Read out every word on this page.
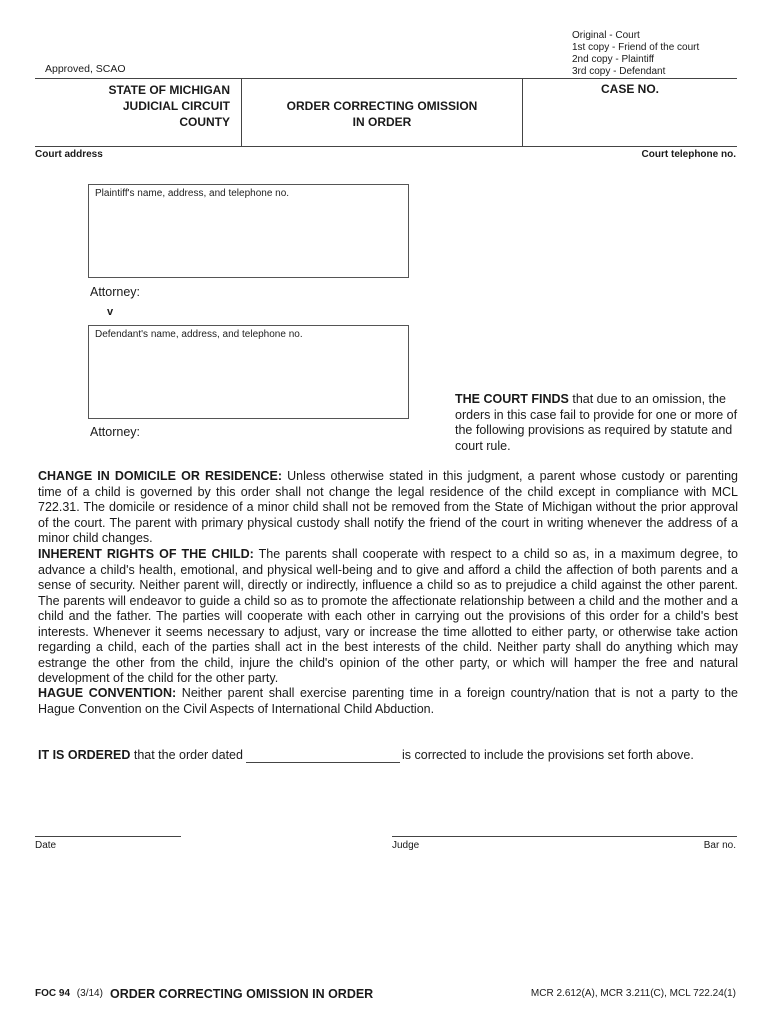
Original - Court
1st copy - Friend of the court
2nd copy - Plaintiff
3rd copy - Defendant
Approved, SCAO
STATE OF MICHIGAN
JUDICIAL CIRCUIT
COUNTY
ORDER CORRECTING OMISSION
IN ORDER
CASE NO.
Court address	Court telephone no.
Plaintiff's name, address, and telephone no.
Attorney:
v
Defendant's name, address, and telephone no.
Attorney:
THE COURT FINDS that due to an omission, the orders in this case fail to provide for one or more of the following provisions as required by statute and court rule.
CHANGE IN DOMICILE OR RESIDENCE: Unless otherwise stated in this judgment, a parent whose custody or parenting time of a child is governed by this order shall not change the legal residence of the child except in compliance with MCL 722.31. The domicile or residence of a minor child shall not be removed from the State of Michigan without the prior approval of the court. The parent with primary physical custody shall notify the friend of the court in writing whenever the address of a minor child changes.
INHERENT RIGHTS OF THE CHILD: The parents shall cooperate with respect to a child so as, in a maximum degree, to advance a child's health, emotional, and physical well-being and to give and afford a child the affection of both parents and a sense of security. Neither parent will, directly or indirectly, influence a child so as to prejudice a child against the other parent. The parents will endeavor to guide a child so as to promote the affectionate relationship between a child and the mother and a child and the father. The parties will cooperate with each other in carrying out the provisions of this order for a child's best interests. Whenever it seems necessary to adjust, vary or increase the time allotted to either party, or otherwise take action regarding a child, each of the parties shall act in the best interests of the child. Neither party shall do anything which may estrange the other from the child, injure the child's opinion of the other party, or which will hamper the free and natural development of the child for the other party.
HAGUE CONVENTION: Neither parent shall exercise parenting time in a foreign country/nation that is not a party to the Hague Convention on the Civil Aspects of International Child Abduction.
IT IS ORDERED that the order dated	is corrected to include the provisions set forth above.
Date	Judge	Bar no.
FOC 94 (3/14) ORDER CORRECTING OMISSION IN ORDER	MCR 2.612(A), MCR 3.211(C), MCL 722.24(1)
